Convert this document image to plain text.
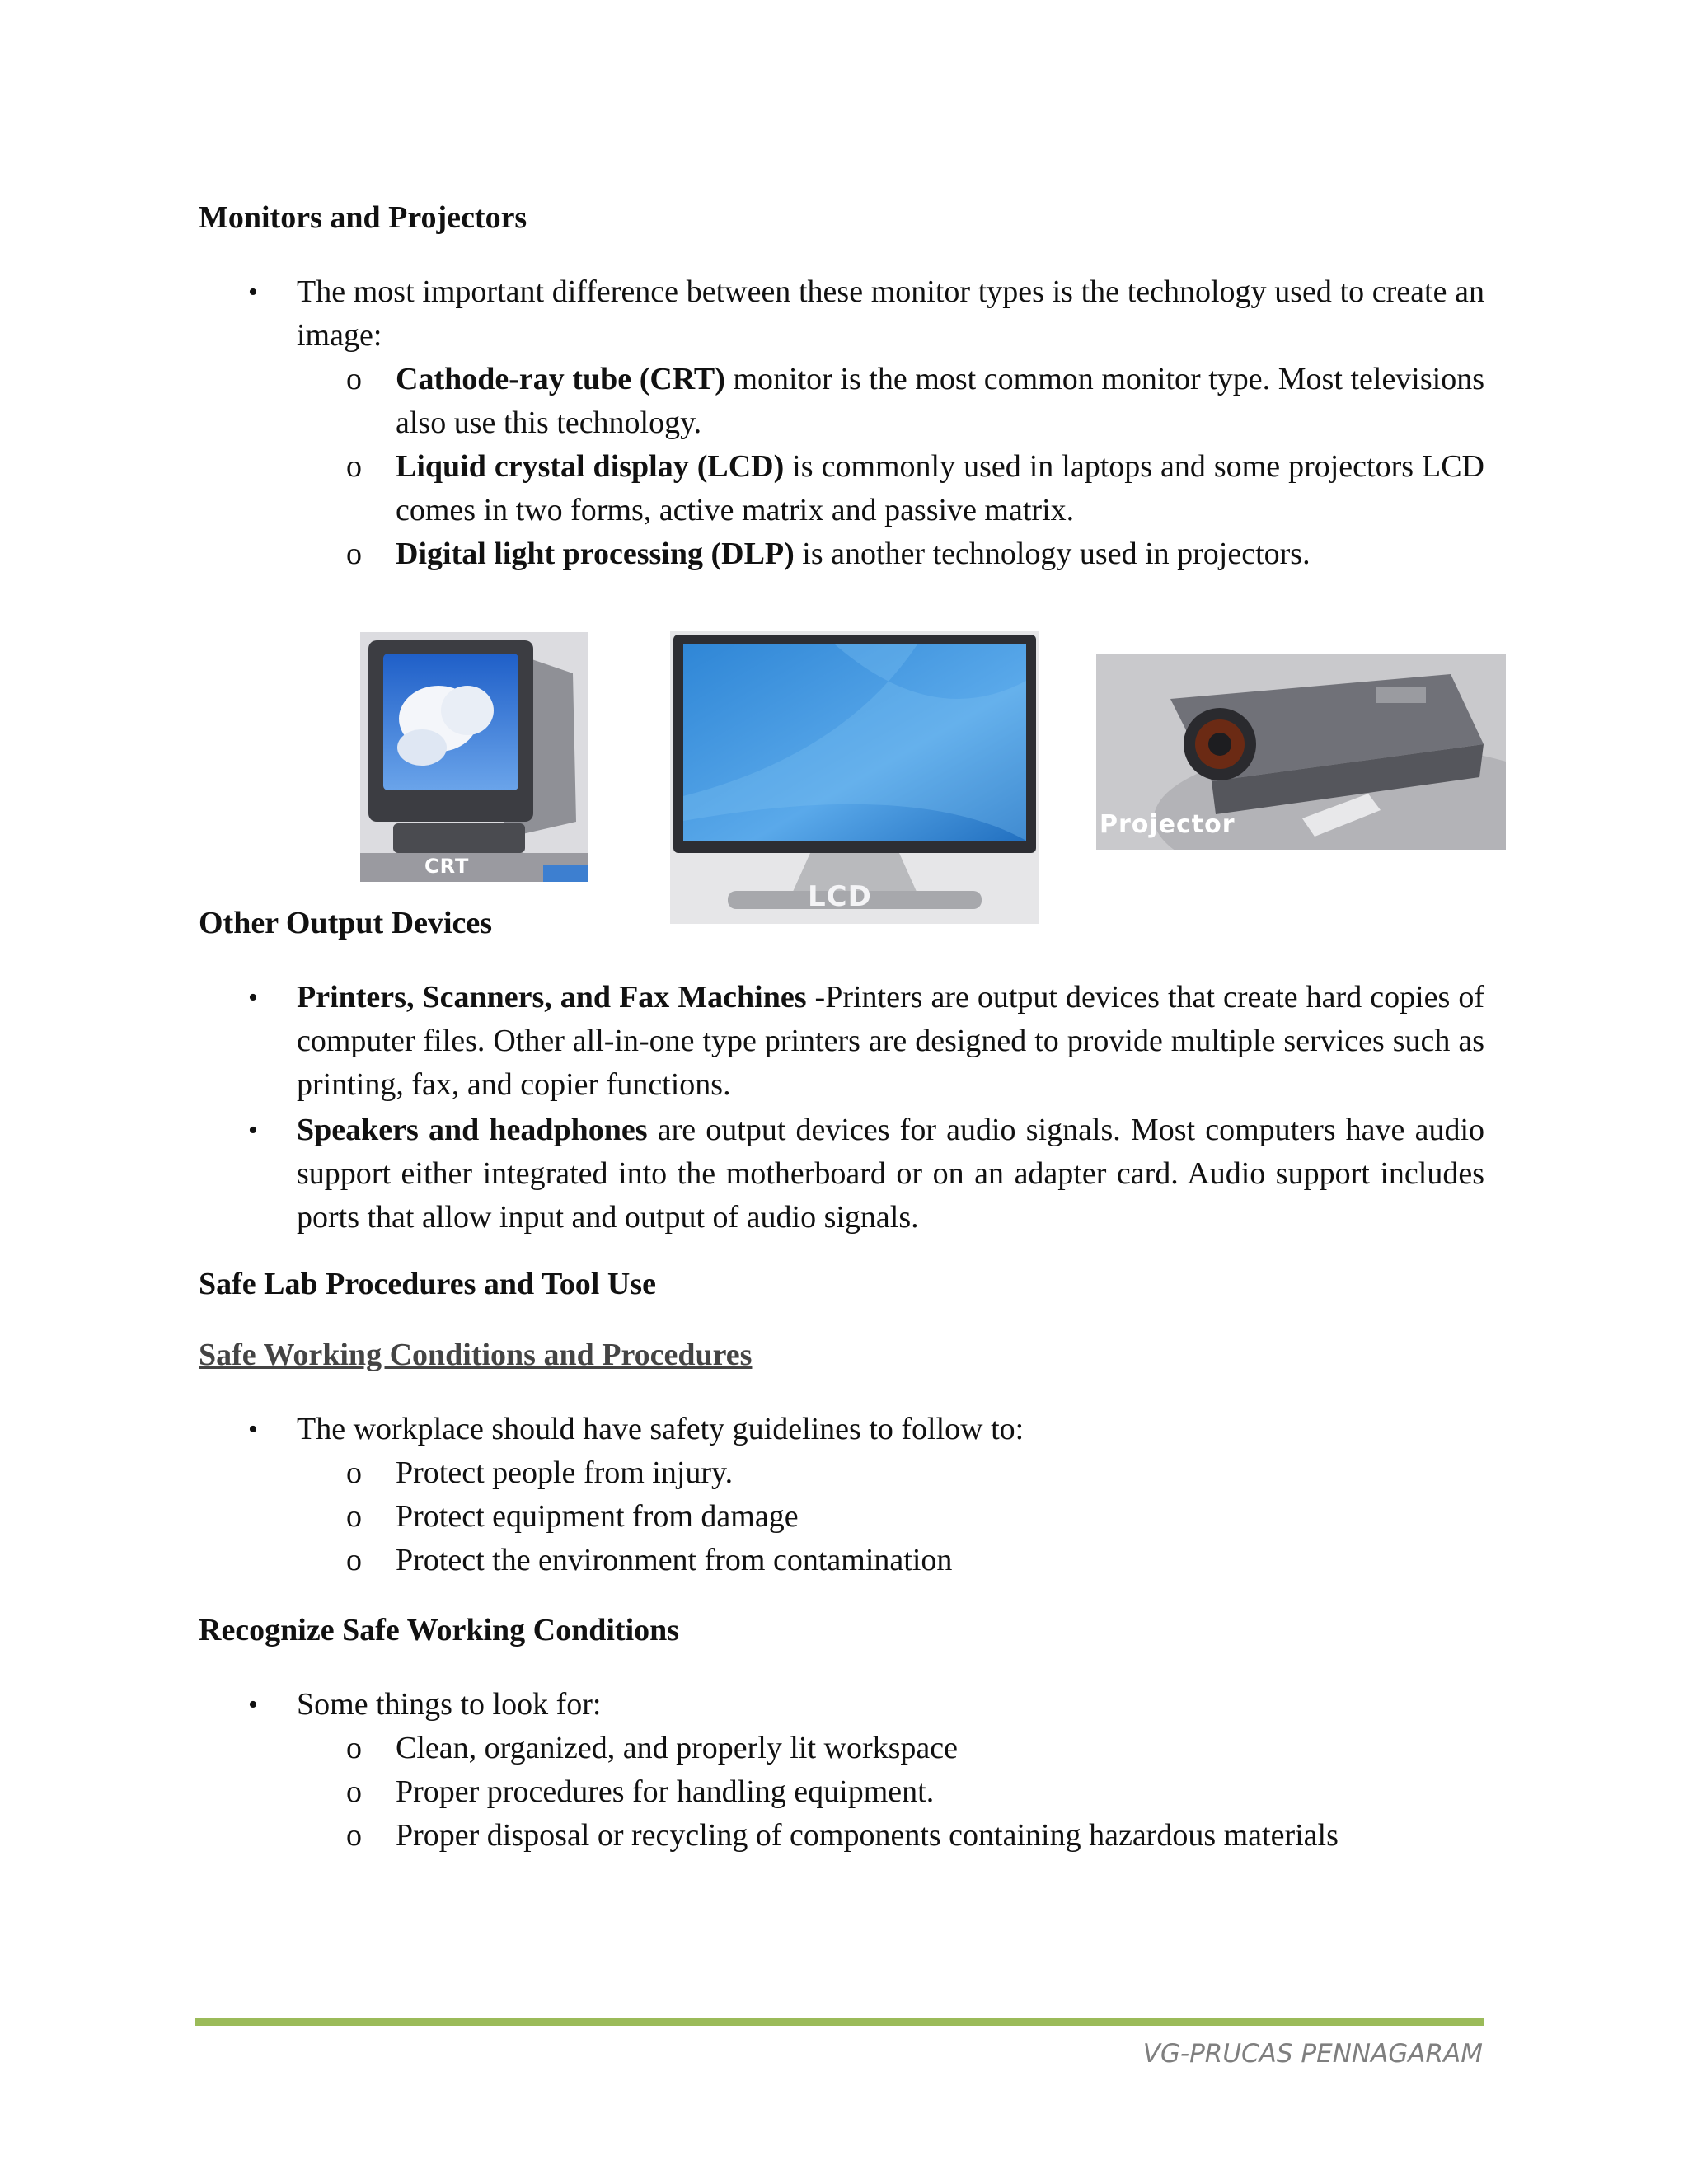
Monitors and Projectors
• The most important difference between these monitor types is the technology used to create an image:
o Cathode-ray tube (CRT) monitor is the most common monitor type. Most televisions also use this technology.
o Liquid crystal display (LCD) is commonly used in laptops and some projectors LCD comes in two forms, active matrix and passive matrix.
o Digital light processing (DLP) is another technology used in projectors.
CRT
LCD
Projector
Other Output Devices
• Printers, Scanners, and Fax Machines -Printers are output devices that create hard copies of computer files. Other all-in-one type printers are designed to provide multiple services such as printing, fax, and copier functions.
• Speakers and headphones are output devices for audio signals. Most computers have audio support either integrated into the motherboard or on an adapter card. Audio support includes ports that allow input and output of audio signals.
Safe Lab Procedures and Tool Use
Safe Working Conditions and Procedures
• The workplace should have safety guidelines to follow to:
o Protect people from injury.
o Protect equipment from damage
o Protect the environment from contamination
Recognize Safe Working Conditions
• Some things to look for:
o Clean, organized, and properly lit workspace
o Proper procedures for handling equipment.
o Proper disposal or recycling of components containing hazardous materials
VG-PRUCAS PENNAGARAM
